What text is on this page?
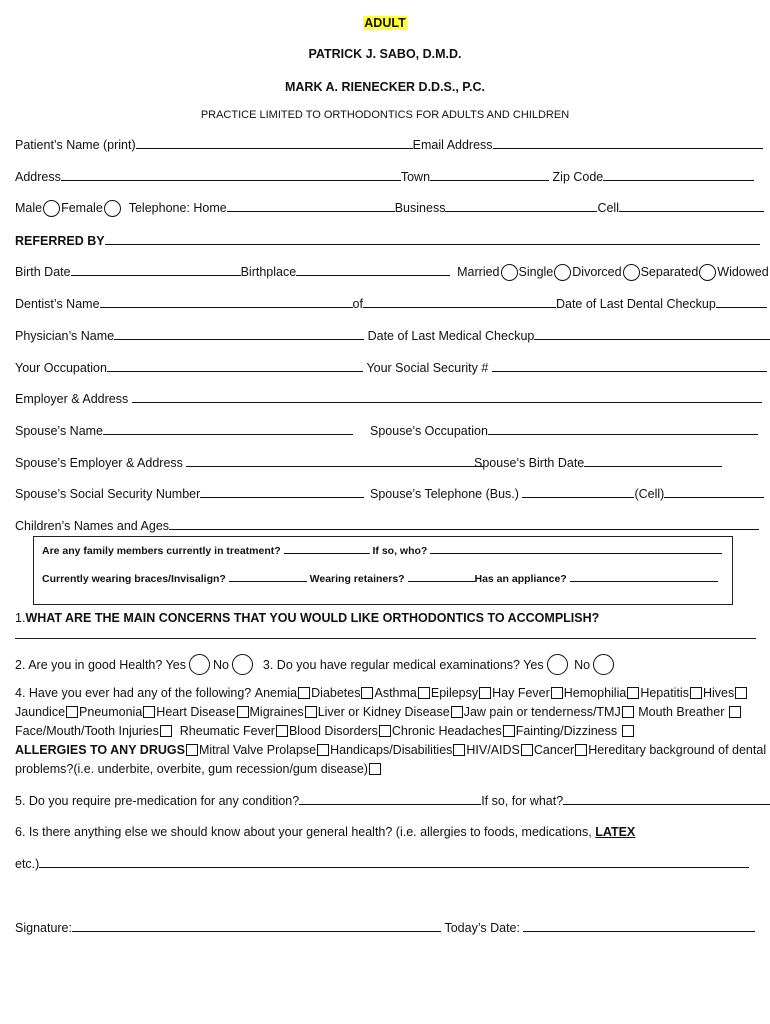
ADULT
PATRICK J. SABO, D.M.D.
MARK A. RIENECKER D.D.S., P.C.
PRACTICE LIMITED TO ORTHODONTICS FOR ADULTS AND CHILDREN
Patient’s Name (print)	Email Address
Address	Town	Zip Code
Male Female Telephone: Home	Business	Cell
REFERRED BY
Birth Date	Birthplace	Married Single Divorced Separated Widowed
Dentist’s Name	of	Date of Last Dental Checkup
Physician’s Name	Date of Last Medical Checkup
Your Occupation	Your Social Security #
Employer & Address
Spouse’s Name	Spouse’s Occupation
Spouse’s Employer & Address	Spouse’s Birth Date
Spouse’s Social Security Number	Spouse’s Telephone (Bus.)	(Cell)
Children’s Names and Ages
Are any family members currently in treatment?	If so, who?
Currently wearing braces/Invisalign?	Wearing retainers?	Has an appliance?
1.WHAT ARE THE MAIN CONCERNS THAT YOU WOULD LIKE ORTHODONTICS TO ACCOMPLISH?
2. Are you in good Health? Yes No	3. Do you have regular medical examinations? Yes No
4. Have you ever had any of the following? Anemia Diabetes Asthma Epilepsy Hay Fever Hemophilia Hepatitis Hives
Jaundice Pneumonia Heart Disease Migraines Liver or Kidney Disease Jaw pain or tenderness/TMJ Mouth Breather
Face/Mouth/Tooth Injuries Rheumatic Fever Blood Disorders Chronic Headaches Fainting/Dizziness
ALLERGIES TO ANY DRUGS Mitral Valve Prolapse Handicaps/Disabilities HIV/AIDS Cancer Hereditary background of dental
problems?(i.e. underbite, overbite, gum recession/gum disease)
5. Do you require pre-medication for any condition?	If so, for what?
6. Is there anything else we should know about your general health? (i.e. allergies to foods, medications, LATEX
etc.)
Signature:	Today’s Date:
